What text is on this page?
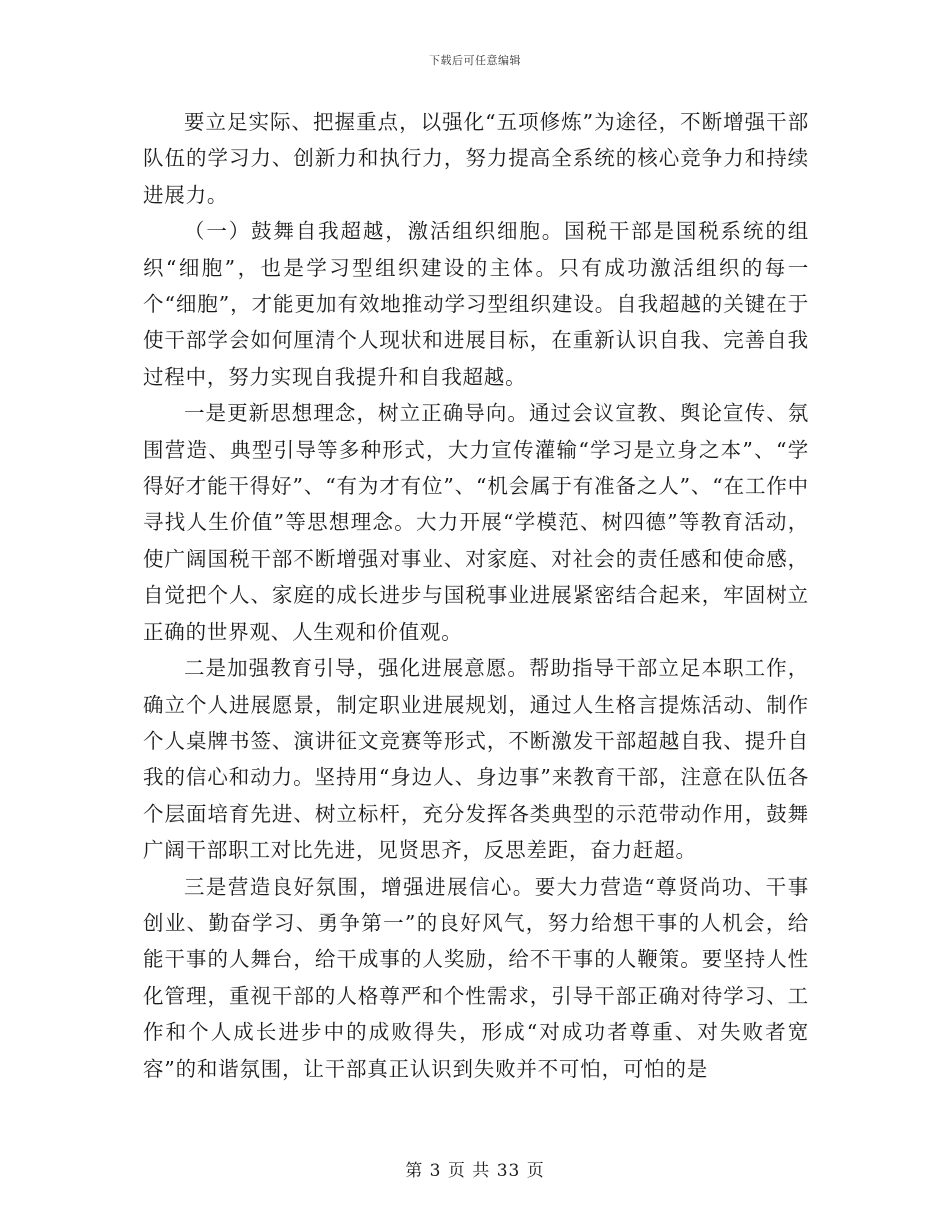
下载后可任意编辑

要立足实际、把握重点，以强化“五项修炼”为途径，不断增强干部队伍的学习力、创新力和执行力，努力提高全系统的核心竞争力和持续进展力。

（一）鼓舞自我超越，激活组织细胞。国税干部是国税系统的组织“细胞”，也是学习型组织建设的主体。只有成功激活组织的每一个“细胞”，才能更加有效地推动学习型组织建设。自我超越的关键在于使干部学会如何厘清个人现状和进展目标，在重新认识自我、完善自我过程中，努力实现自我提升和自我超越。

一是更新思想理念，树立正确导向。通过会议宣教、舆论宣传、氛围营造、典型引导等多种形式，大力宣传灌输“学习是立身之本”、“学得好才能干得好”、“有为才有位”、“机会属于有准备之人”、“在工作中寻找人生价值”等思想理念。大力开展“学模范、树四德”等教育活动，使广阔国税干部不断增强对事业、对家庭、对社会的责任感和使命感，自觉把个人、家庭的成长进步与国税事业进展紧密结合起来，牢固树立正确的世界观、人生观和价值观。

二是加强教育引导，强化进展意愿。帮助指导干部立足本职工作，确立个人进展愿景，制定职业进展规划，通过人生格言提炼活动、制作个人桌牌书签、演讲征文竞赛等形式，不断激发干部超越自我、提升自我的信心和动力。坚持用“身边人、身边事”来教育干部，注意在队伍各个层面培育先进、树立标杆，充分发挥各类典型的示范带动作用，鼓舞广阔干部职工对比先进，见贤思齐，反思差距，奋力赶超。

三是营造良好氛围，增强进展信心。要大力营造“尊贤尚功、干事创业、勤奋学习、勇争第一”的良好风气，努力给想干事的人机会，给能干事的人舞台，给干成事的人奖励，给不干事的人鞭策。要坚持人性化管理，重视干部的人格尊严和个性需求，引导干部正确对待学习、工作和个人成长进步中的成败得失，形成“对成功者尊重、对失败者宽容”的和谐氛围，让干部真正认识到失败并不可怕，可怕的是

第 3 页 共 33 页
